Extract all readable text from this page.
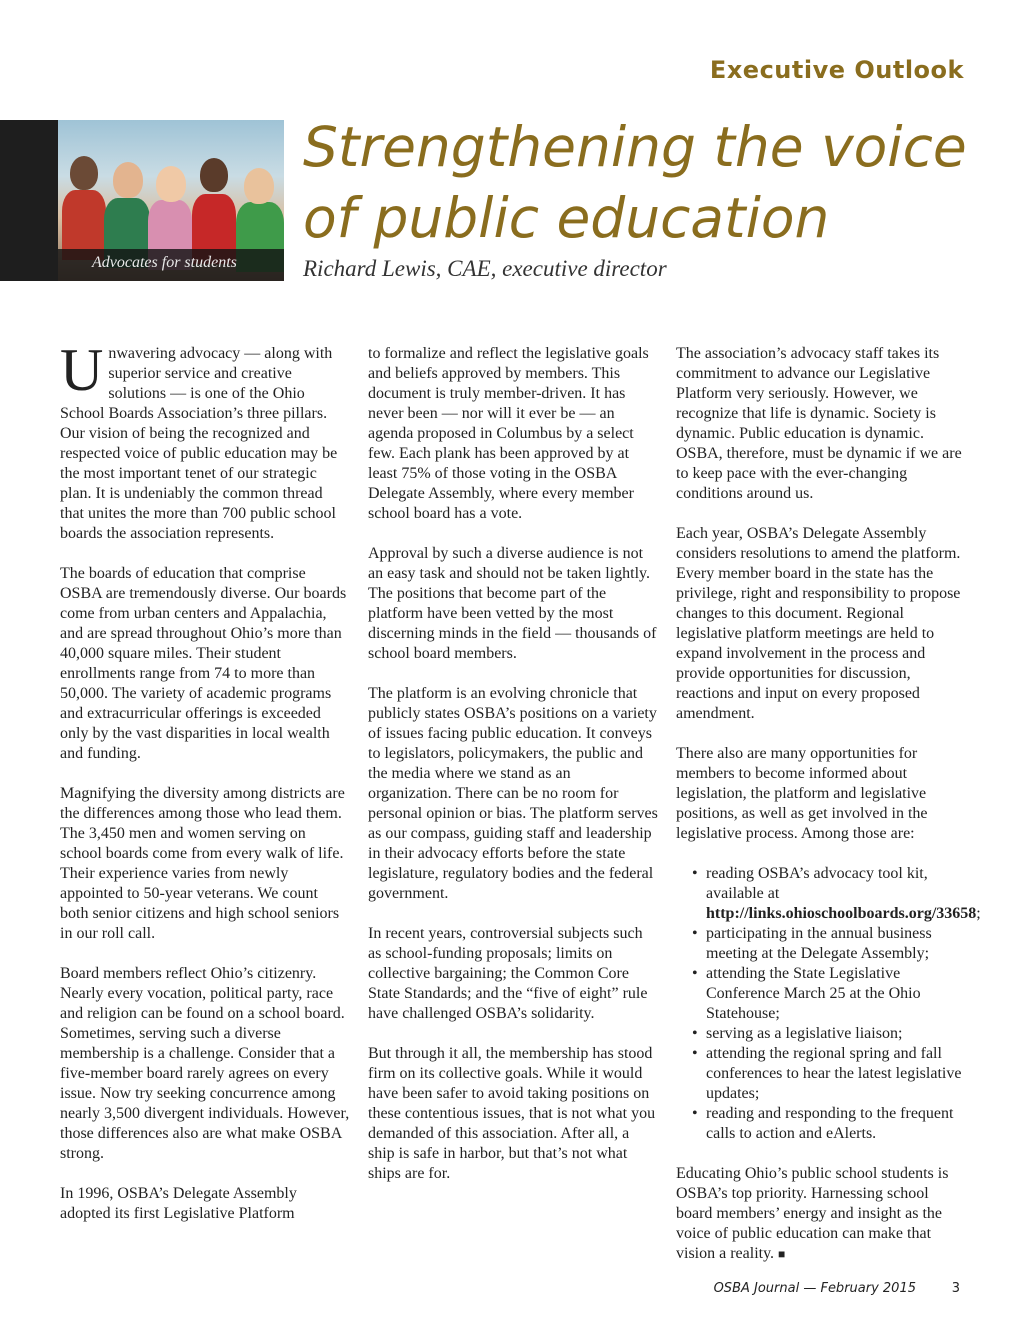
Executive Outlook
Advocates for students
Strengthening the voice
of public education
Richard Lewis, CAE, executive director

Unwavering advocacy — along with superior service and creative solutions — is one of the Ohio School Boards Association’s three pillars. Our vision of being the recognized and respected voice of public education may be the most important tenet of our strategic plan. It is undeniably the common thread that unites the more than 700 public school boards the association represents.

The boards of education that comprise OSBA are tremendously diverse. Our boards come from urban centers and Appalachia, and are spread throughout Ohio’s more than 40,000 square miles. Their student enrollments range from 74 to more than 50,000. The variety of academic programs and extracurricular offerings is exceeded only by the vast disparities in local wealth and funding.

Magnifying the diversity among districts are the differences among those who lead them. The 3,450 men and women serving on school boards come from every walk of life. Their experience varies from newly appointed to 50-year veterans. We count both senior citizens and high school seniors in our roll call.

Board members reflect Ohio’s citizenry. Nearly every vocation, political party, race and religion can be found on a school board. Sometimes, serving such a diverse membership is a challenge. Consider that a five-member board rarely agrees on every issue. Now try seeking concurrence among nearly 3,500 divergent individuals. However, those differences also are what make OSBA strong.

In 1996, OSBA’s Delegate Assembly adopted its first Legislative Platform

to formalize and reflect the legislative goals and beliefs approved by members. This document is truly member-driven. It has never been — nor will it ever be — an agenda proposed in Columbus by a select few. Each plank has been approved by at least 75% of those voting in the OSBA Delegate Assembly, where every member school board has a vote.

Approval by such a diverse audience is not an easy task and should not be taken lightly. The positions that become part of the platform have been vetted by the most discerning minds in the field — thousands of school board members.

The platform is an evolving chronicle that publicly states OSBA’s positions on a variety of issues facing public education. It conveys to legislators, policymakers, the public and the media where we stand as an organization. There can be no room for personal opinion or bias. The platform serves as our compass, guiding staff and leadership in their advocacy efforts before the state legislature, regulatory bodies and the federal government.

In recent years, controversial subjects such as school-funding proposals; limits on collective bargaining; the Common Core State Standards; and the “five of eight” rule have challenged OSBA’s solidarity.

But through it all, the membership has stood firm on its collective goals. While it would have been safer to avoid taking positions on these contentious issues, that is not what you demanded of this association. After all, a ship is safe in harbor, but that’s not what ships are for.

The association’s advocacy staff takes its commitment to advance our Legislative Platform very seriously. However, we recognize that life is dynamic. Society is dynamic. Public education is dynamic. OSBA, therefore, must be dynamic if we are to keep pace with the ever-changing conditions around us.

Each year, OSBA’s Delegate Assembly considers resolutions to amend the platform. Every member board in the state has the privilege, right and responsibility to propose changes to this document. Regional legislative platform meetings are held to expand involvement in the process and provide opportunities for discussion, reactions and input on every proposed amendment.

There also are many opportunities for members to become informed about legislation, the platform and legislative positions, as well as get involved in the legislative process. Among those are:

• reading OSBA’s advocacy tool kit, available at http://links.ohioschoolboards.org/33658;
• participating in the annual business meeting at the Delegate Assembly;
• attending the State Legislative Conference March 25 at the Ohio Statehouse;
• serving as a legislative liaison;
• attending the regional spring and fall conferences to hear the latest legislative updates;
• reading and responding to the frequent calls to action and eAlerts.

Educating Ohio’s public school students is OSBA’s top priority. Harnessing school board members’ energy and insight as the voice of public education can make that vision a reality. ■

OSBA Journal — February 2015	3
